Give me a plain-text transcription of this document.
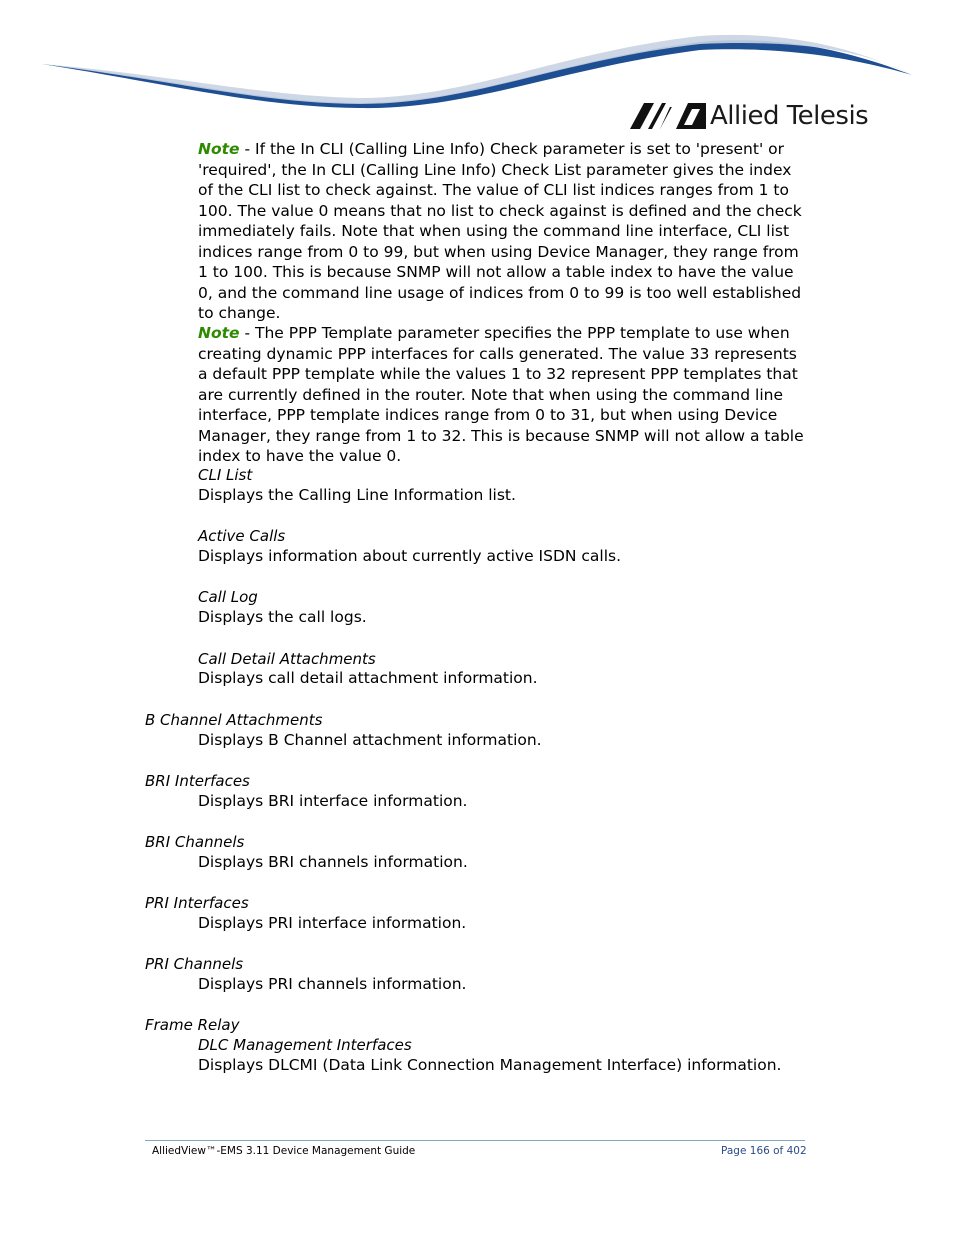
Allied Telesis

Note - If the In CLI (Calling Line Info) Check parameter is set to 'present' or 'required', the In CLI (Calling Line Info) Check List parameter gives the index of the CLI list to check against. The value of CLI list indices ranges from 1 to 100. The value 0 means that no list to check against is defined and the check immediately fails. Note that when using the command line interface, CLI list indices range from 0 to 99, but when using Device Manager, they range from 1 to 100. This is because SNMP will not allow a table index to have the value 0, and the command line usage of indices from 0 to 99 is too well established to change.

Note - The PPP Template parameter specifies the PPP template to use when creating dynamic PPP interfaces for calls generated. The value 33 represents a default PPP template while the values 1 to 32 represent PPP templates that are currently defined in the router. Note that when using the command line interface, PPP template indices range from 0 to 31, but when using Device Manager, they range from 1 to 32. This is because SNMP will not allow a table index to have the value 0.

CLI List

Displays the Calling Line Information list.

Active Calls

Displays information about currently active ISDN calls.

Call Log

Displays the call logs.

Call Detail Attachments

Displays call detail attachment information.

B Channel Attachments

Displays B Channel attachment information.

BRI Interfaces

Displays BRI interface information.

BRI Channels

Displays BRI channels information.

PRI Interfaces

Displays PRI interface information.

PRI Channels

Displays PRI channels information.

Frame Relay

DLC Management Interfaces

Displays DLCMI (Data Link Connection Management Interface) information.

AlliedView™-EMS 3.11 Device Management Guide	Page 166 of 402
